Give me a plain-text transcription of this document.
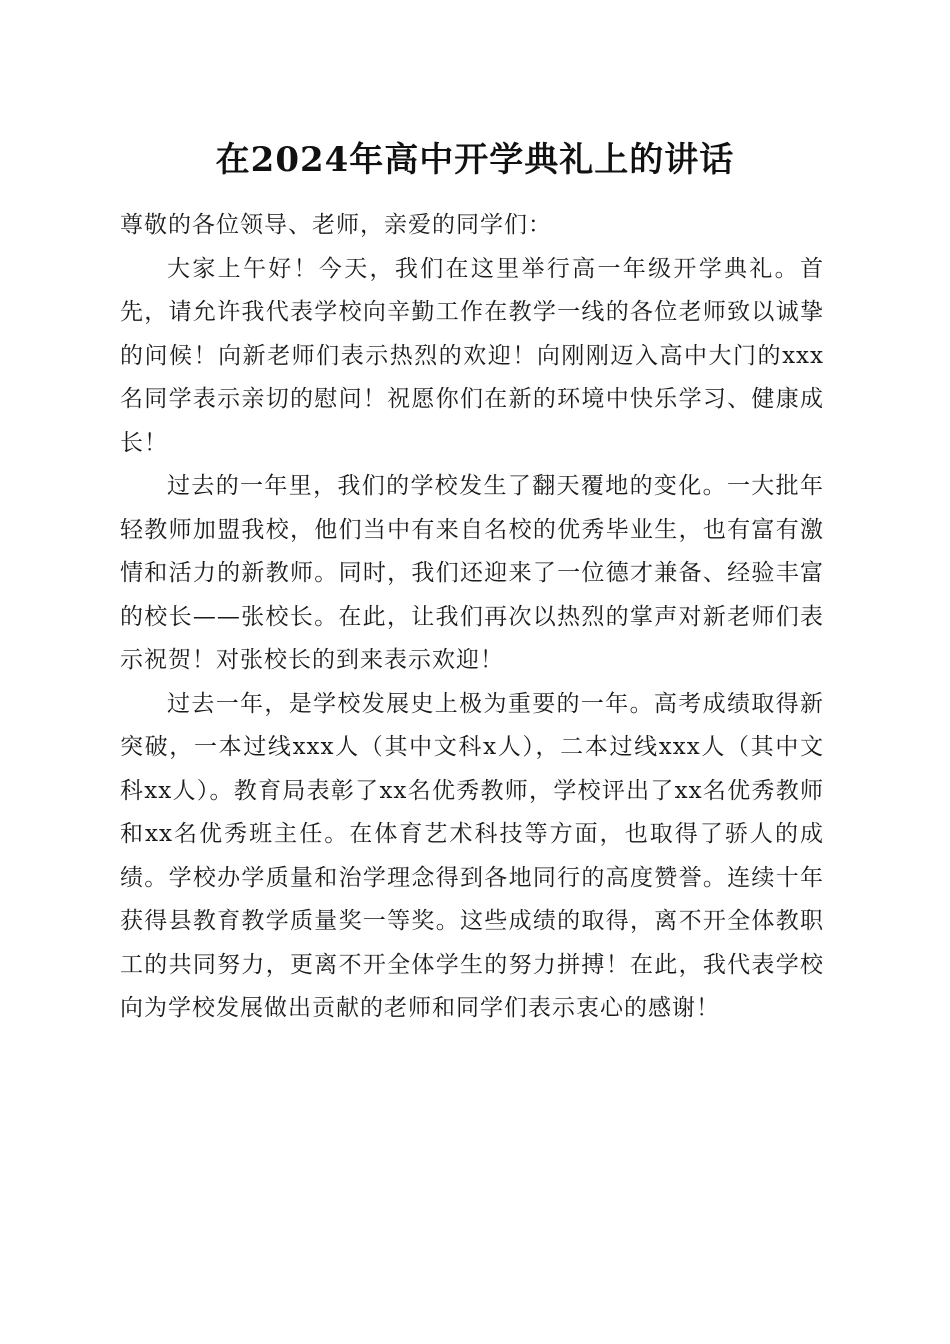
在2024年高中开学典礼上的讲话

尊敬的各位领导、老师，亲爱的同学们：

大家上午好！今天，我们在这里举行高一年级开学典礼。首先，请允许我代表学校向辛勤工作在教学一线的各位老师致以诚挚的问候！向新老师们表示热烈的欢迎！向刚刚迈入高中大门的xxx名同学表示亲切的慰问！祝愿你们在新的环境中快乐学习、健康成长！

过去的一年里，我们的学校发生了翻天覆地的变化。一大批年轻教师加盟我校，他们当中有来自名校的优秀毕业生，也有富有激情和活力的新教师。同时，我们还迎来了一位德才兼备、经验丰富的校长——张校长。在此，让我们再次以热烈的掌声对新老师们表示祝贺！对张校长的到来表示欢迎！

过去一年，是学校发展史上极为重要的一年。高考成绩取得新突破，一本过线xxx人（其中文科x人），二本过线xxx人（其中文科xx人）。教育局表彰了xx名优秀教师，学校评出了xx名优秀教师和xx名优秀班主任。在体育艺术科技等方面，也取得了骄人的成绩。学校办学质量和治学理念得到各地同行的高度赞誉。连续十年获得县教育教学质量奖一等奖。这些成绩的取得，离不开全体教职工的共同努力，更离不开全体学生的努力拼搏！在此，我代表学校向为学校发展做出贡献的老师和同学们表示衷心的感谢！
